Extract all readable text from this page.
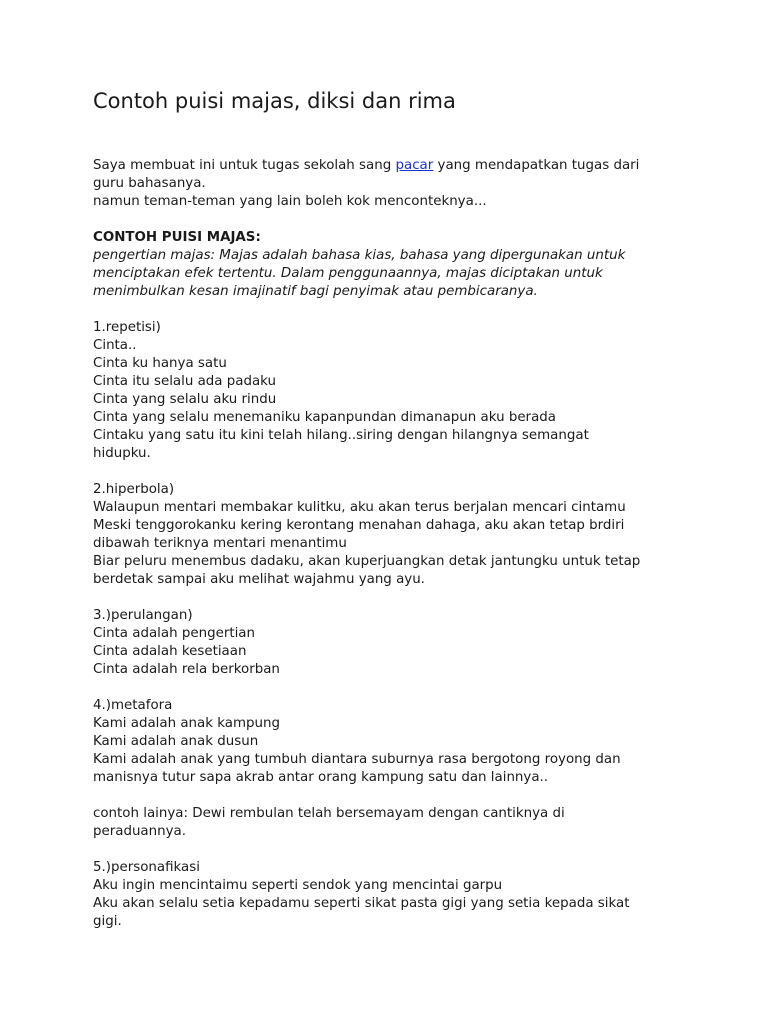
Contoh puisi majas, diksi dan rima

Saya membuat ini untuk tugas sekolah sang pacar yang mendapatkan tugas dari

guru bahasanya.

namun teman-teman yang lain boleh kok menconteknya...

CONTOH PUISI MAJAS:

pengertian majas: Majas adalah bahasa kias, bahasa yang dipergunakan untuk

menciptakan efek tertentu. Dalam penggunaannya, majas diciptakan untuk

menimbulkan kesan imajinatif bagi penyimak atau pembicaranya.

1.repetisi)

Cinta..

Cinta ku hanya satu

Cinta itu selalu ada padaku

Cinta yang selalu aku rindu

Cinta yang selalu menemaniku kapanpundan dimanapun aku berada

Cintaku yang satu itu kini telah hilang..siring dengan hilangnya semangat

hidupku.

2.hiperbola)

Walaupun mentari membakar kulitku, aku akan terus berjalan mencari cintamu

Meski tenggorokanku kering kerontang menahan dahaga, aku akan tetap brdiri

dibawah teriknya mentari menantimu

Biar peluru menembus dadaku, akan kuperjuangkan detak jantungku untuk tetap

berdetak sampai aku melihat wajahmu yang ayu.

3.)perulangan)

Cinta adalah pengertian

Cinta adalah kesetiaan

Cinta adalah rela berkorban

4.)metafora

Kami adalah anak kampung

Kami adalah anak dusun

Kami adalah anak yang tumbuh diantara suburnya rasa bergotong royong dan

manisnya tutur sapa akrab antar orang kampung satu dan lainnya..

contoh lainya: Dewi rembulan telah bersemayam dengan cantiknya di

peraduannya.

5.)personafikasi

Aku ingin mencintaimu seperti sendok yang mencintai garpu

Aku akan selalu setia kepadamu seperti sikat pasta gigi yang setia kepada sikat

gigi.
